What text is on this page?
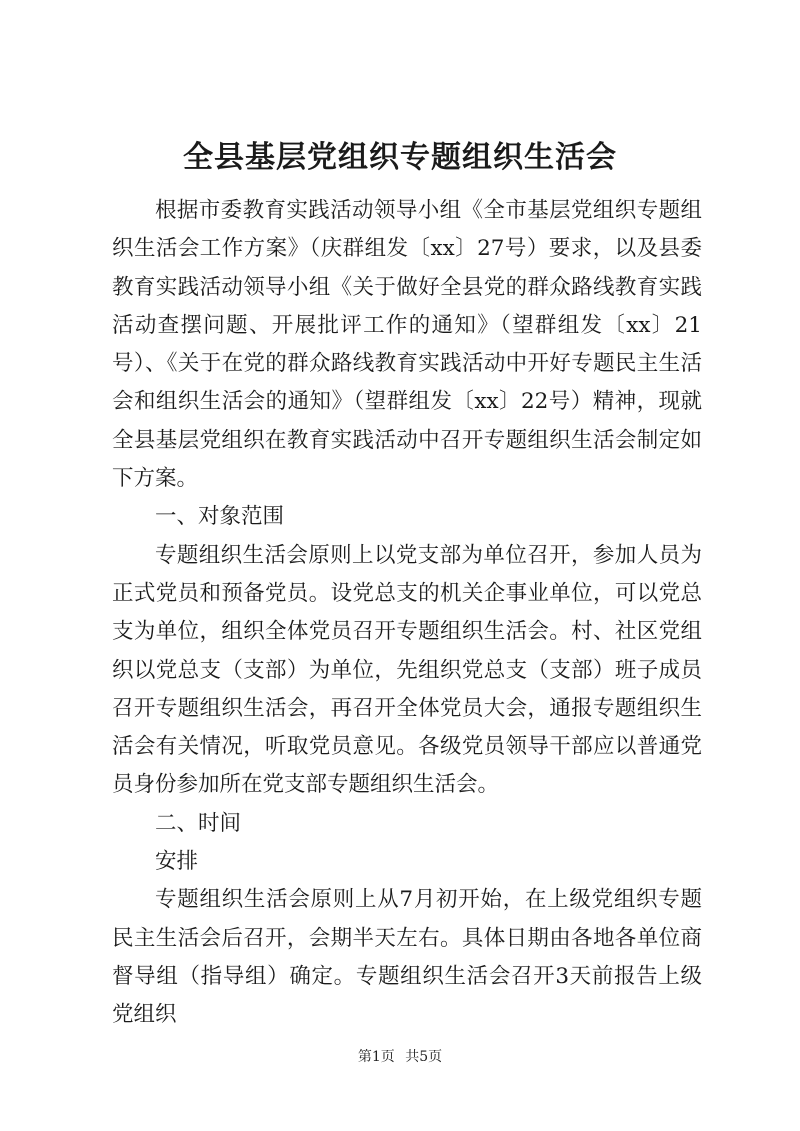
全县基层党组织专题组织生活会

根据市委教育实践活动领导小组《全市基层党组织专题组织生活会工作方案》（庆群组发〔xx〕27号）要求，以及县委教育实践活动领导小组《关于做好全县党的群众路线教育实践活动查摆问题、开展批评工作的通知》（望群组发〔xx〕21号）、《关于在党的群众路线教育实践活动中开好专题民主生活会和组织生活会的通知》（望群组发〔xx〕22号）精神，现就全县基层党组织在教育实践活动中召开专题组织生活会制定如下方案。

一、对象范围

专题组织生活会原则上以党支部为单位召开，参加人员为正式党员和预备党员。设党总支的机关企事业单位，可以党总支为单位，组织全体党员召开专题组织生活会。村、社区党组织以党总支（支部）为单位，先组织党总支（支部）班子成员召开专题组织生活会，再召开全体党员大会，通报专题组织生活会有关情况，听取党员意见。各级党员领导干部应以普通党员身份参加所在党支部专题组织生活会。

二、时间

安排

专题组织生活会原则上从7月初开始，在上级党组织专题民主生活会后召开，会期半天左右。具体日期由各地各单位商督导组（指导组）确定。专题组织生活会召开3天前报告上级党组织

第1页 共5页
